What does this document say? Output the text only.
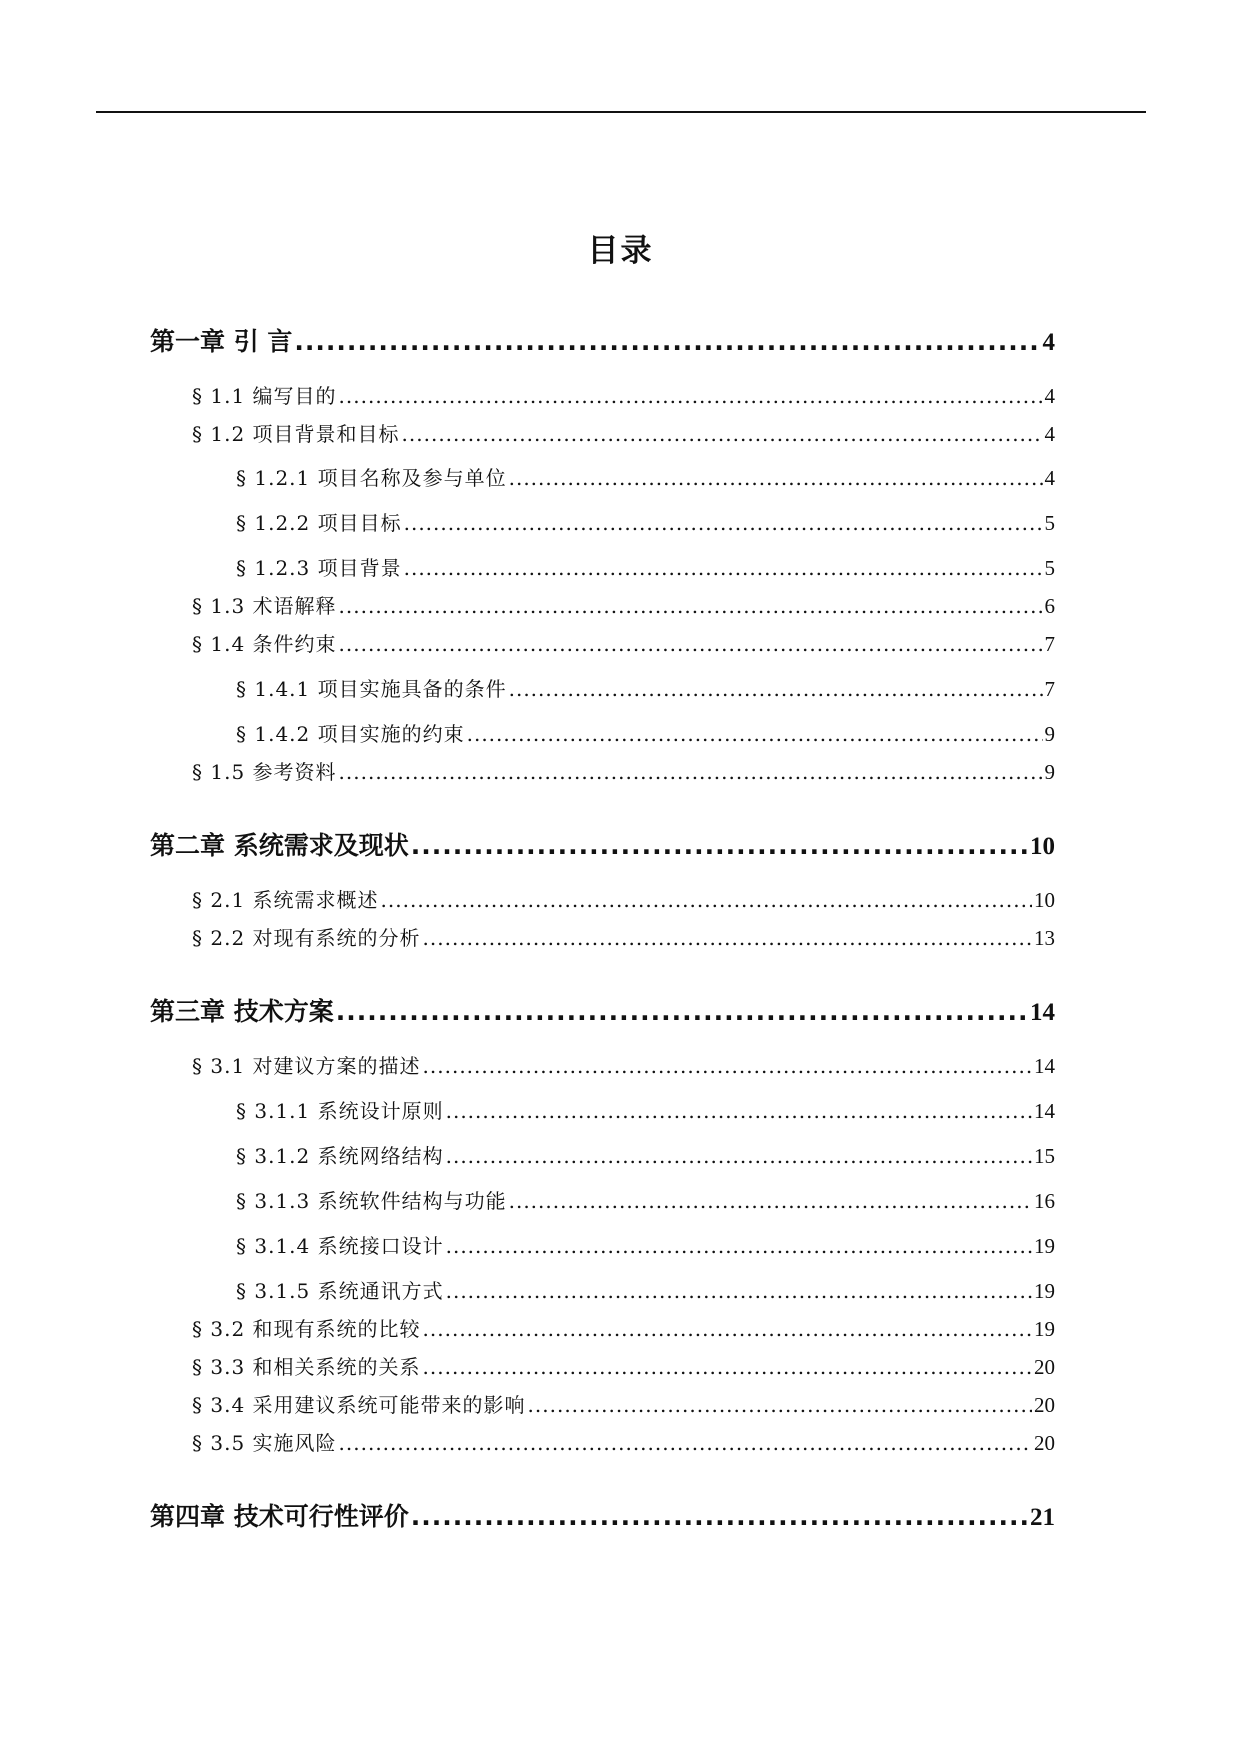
目录
第一章 引 言 .....	4
§ 1.1 编写目的 .....	4
§ 1.2 项目背景和目标 .....	4
§ 1.2.1 项目名称及参与单位 .....	4
§ 1.2.2 项目目标 .....	5
§ 1.2.3 项目背景 .....	5
§ 1.3 术语解释 .....	6
§ 1.4 条件约束 .....	7
§ 1.4.1 项目实施具备的条件 .....	7
§ 1.4.2 项目实施的约束 .....	9
§ 1.5 参考资料 .....	9
第二章 系统需求及现状 .....	10
§ 2.1 系统需求概述 .....	10
§ 2.2 对现有系统的分析 .....	13
第三章 技术方案 .....	14
§ 3.1 对建议方案的描述 .....	14
§ 3.1.1 系统设计原则 .....	14
§ 3.1.2 系统网络结构 .....	15
§ 3.1.3 系统软件结构与功能 .....	16
§ 3.1.4 系统接口设计 .....	19
§ 3.1.5 系统通讯方式 .....	19
§ 3.2 和现有系统的比较 .....	19
§ 3.3 和相关系统的关系 .....	20
§ 3.4 采用建议系统可能带来的影响 .....	20
§ 3.5 实施风险 .....	20
第四章 技术可行性评价 .....	21
